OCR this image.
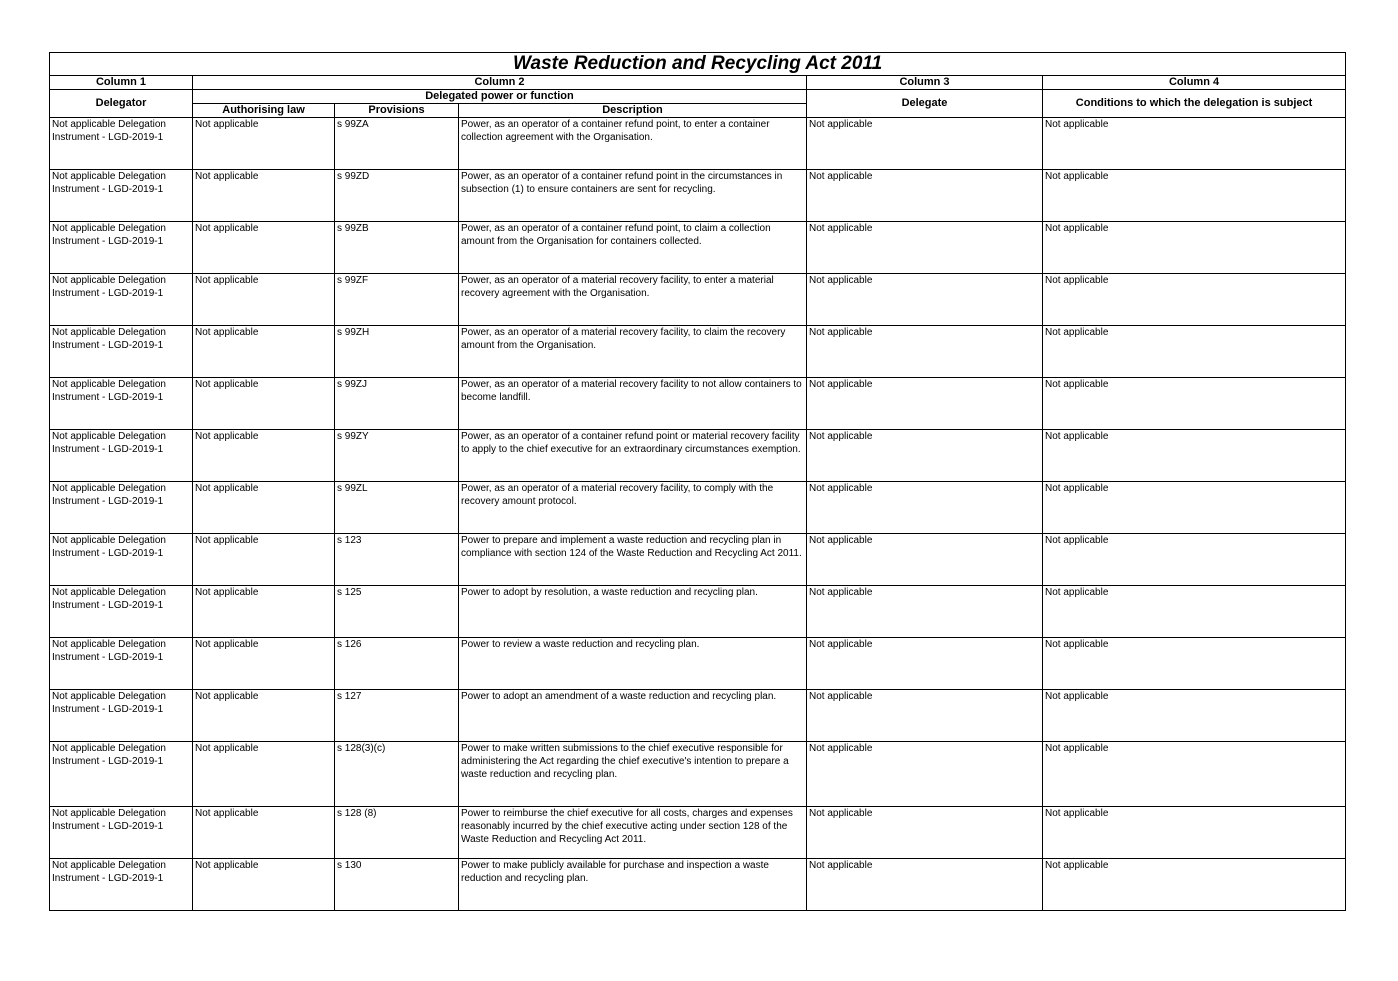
Waste Reduction and Recycling Act 2011					
Column 1	Column 2			Column 3	Column 4
Delegator	Delegated power or function			Delegate	Conditions to which the delegation is subject
	Authorising law	Provisions	Description		
Not applicable Delegation Instrument - LGD-2019-1	Not applicable	s 99ZA	Power, as an operator of a container refund point, to enter a container collection agreement with the Organisation.	Not applicable	Not applicable
Not applicable Delegation Instrument - LGD-2019-1	Not applicable	s 99ZD	Power, as an operator of a container refund point in the circumstances in subsection (1) to ensure containers are sent for recycling.	Not applicable	Not applicable
Not applicable Delegation Instrument - LGD-2019-1	Not applicable	s 99ZB	Power, as an operator of a container refund point, to claim a collection amount from the Organisation for containers collected.	Not applicable	Not applicable
Not applicable Delegation Instrument - LGD-2019-1	Not applicable	s 99ZF	Power, as an operator of a material recovery facility, to enter a material recovery agreement with the Organisation.	Not applicable	Not applicable
Not applicable Delegation Instrument - LGD-2019-1	Not applicable	s 99ZH	Power, as an operator of a material recovery facility, to claim the recovery amount from the Organisation.	Not applicable	Not applicable
Not applicable Delegation Instrument - LGD-2019-1	Not applicable	s 99ZJ	Power, as an operator of a material recovery facility to not allow containers to become landfill.	Not applicable	Not applicable
Not applicable Delegation Instrument - LGD-2019-1	Not applicable	s 99ZY	Power, as an operator of a container refund point or material recovery facility to apply to the chief executive for an extraordinary circumstances exemption.	Not applicable	Not applicable
Not applicable Delegation Instrument - LGD-2019-1	Not applicable	s 99ZL	Power, as an operator of a material recovery facility, to comply with the recovery amount protocol.	Not applicable	Not applicable
Not applicable Delegation Instrument - LGD-2019-1	Not applicable	s 123	Power to prepare and implement a waste reduction and recycling plan in compliance with section 124 of the Waste Reduction and Recycling Act 2011.	Not applicable	Not applicable
Not applicable Delegation Instrument - LGD-2019-1	Not applicable	s 125	Power to adopt by resolution, a waste reduction and recycling plan.	Not applicable	Not applicable
Not applicable Delegation Instrument - LGD-2019-1	Not applicable	s 126	Power to review a waste reduction and recycling plan.	Not applicable	Not applicable
Not applicable Delegation Instrument - LGD-2019-1	Not applicable	s 127	Power to adopt an amendment of a waste reduction and recycling plan.	Not applicable	Not applicable
Not applicable Delegation Instrument - LGD-2019-1	Not applicable	s 128(3)(c)	Power to make written submissions to the chief executive responsible for administering the Act regarding the chief executive's intention to prepare a waste reduction and recycling plan.	Not applicable	Not applicable
Not applicable Delegation Instrument - LGD-2019-1	Not applicable	s 128 (8)	Power to reimburse the chief executive for all costs, charges and expenses reasonably incurred by the chief executive acting under section 128 of the Waste Reduction and Recycling Act 2011.	Not applicable	Not applicable
Not applicable Delegation Instrument - LGD-2019-1	Not applicable	s 130	Power to make publicly available for purchase and inspection a waste reduction and recycling plan.	Not applicable	Not applicable
